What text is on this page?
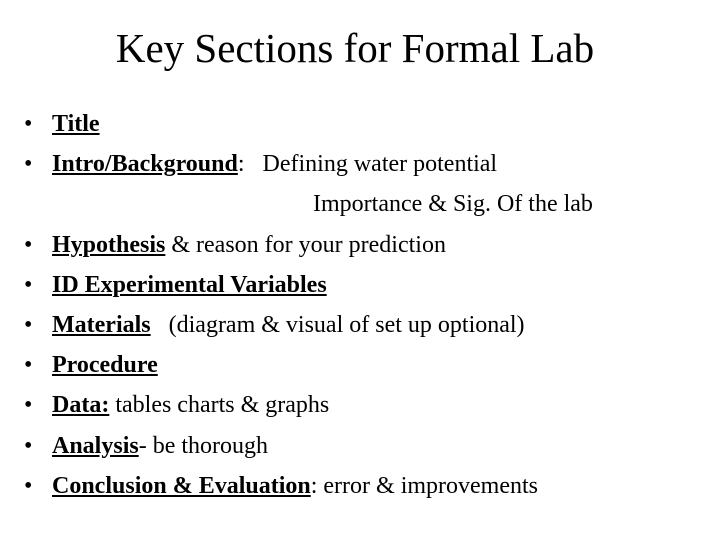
Key Sections for Formal Lab
• Title
• Intro/Background:   Defining water potential
Importance & Sig. Of the lab
• Hypothesis & reason for your prediction
• ID Experimental Variables
• Materials   (diagram & visual of set up optional)
• Procedure
• Data: tables charts & graphs
• Analysis- be thorough
• Conclusion & Evaluation: error & improvements
